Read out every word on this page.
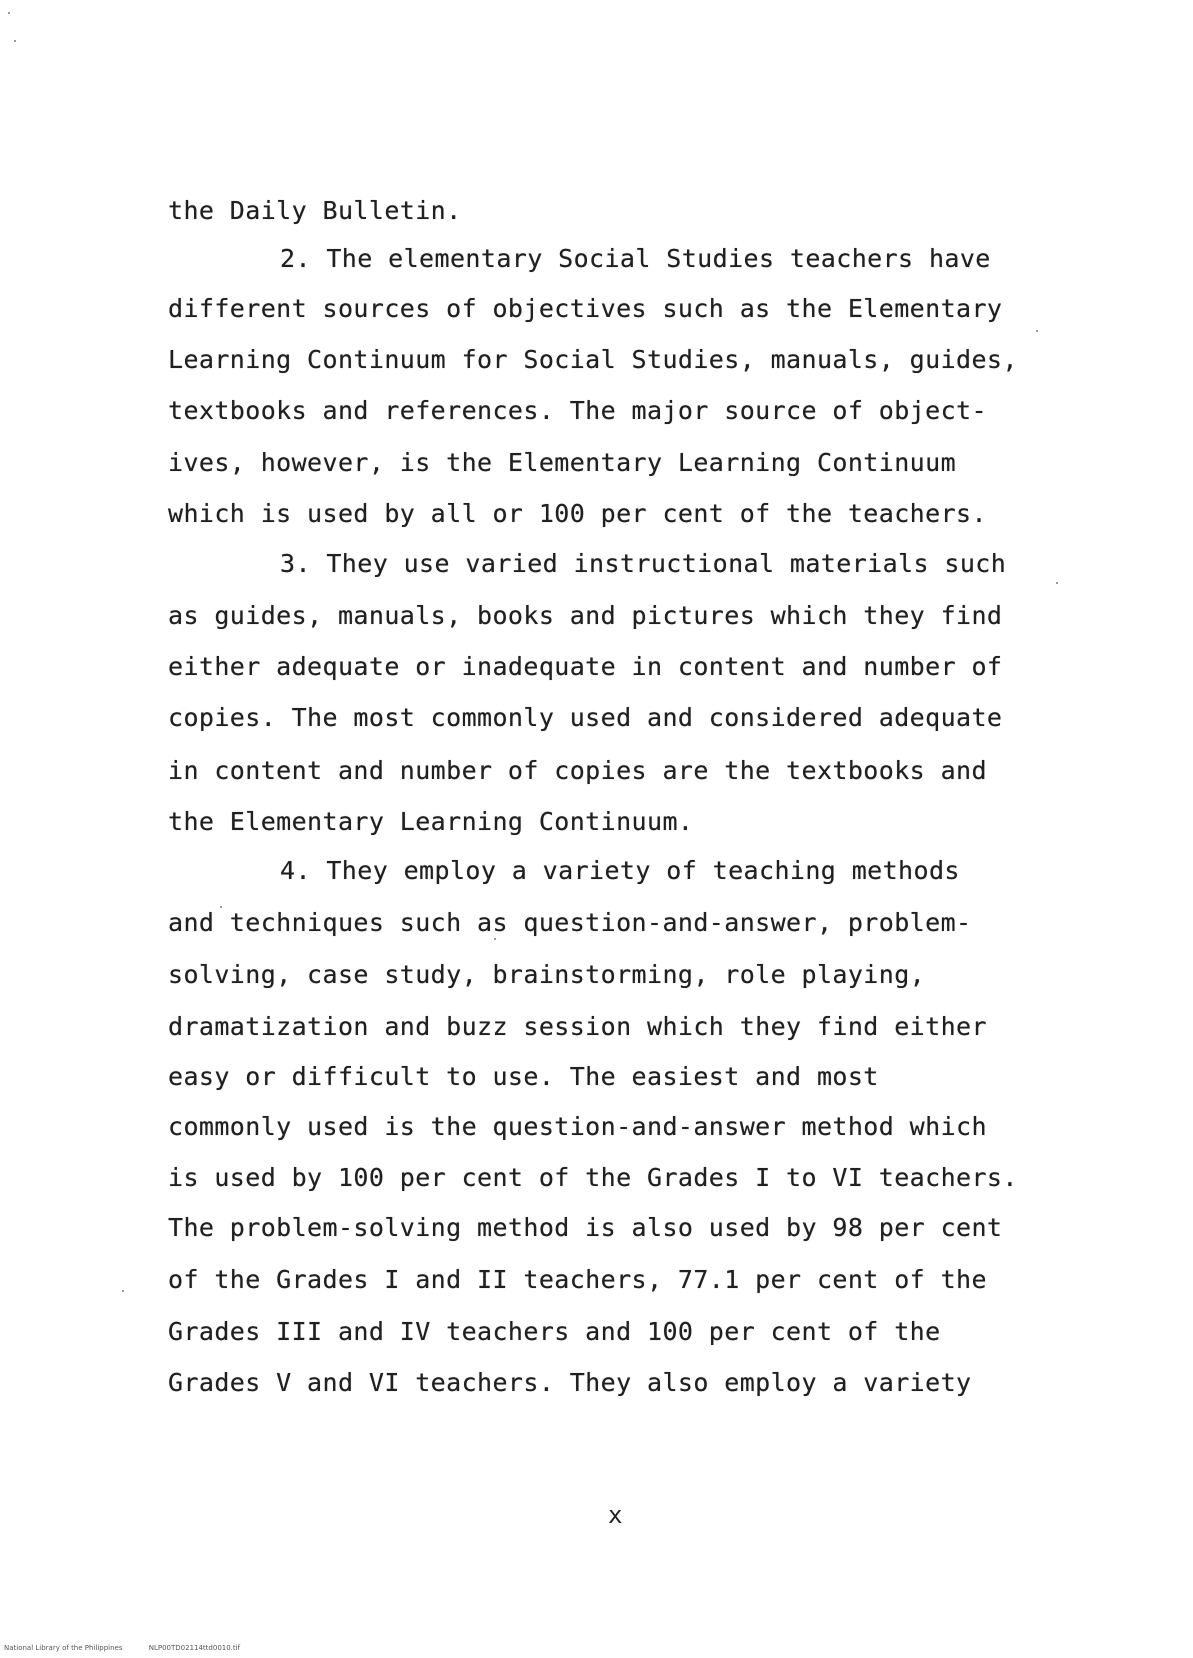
the Daily Bulletin.
2. The elementary Social Studies teachers have
different sources of objectives such as the Elementary
Learning Continuum for Social Studies, manuals, guides,
textbooks and references. The major source of object-
ives, however, is the Elementary Learning Continuum
which is used by all or 100 per cent of the teachers.
3. They use varied instructional materials such
as guides, manuals, books and pictures which they find
either adequate or inadequate in content and number of
copies. The most commonly used and considered adequate
in content and number of copies are the textbooks and
the Elementary Learning Continuum.
4. They employ a variety of teaching methods
and techniques such as question-and-answer, problem-
solving, case study, brainstorming, role playing,
dramatization and buzz session which they find either
easy or difficult to use. The easiest and most
commonly used is the question-and-answer method which
is used by 100 per cent of the Grades I to VI teachers.
The problem-solving method is also used by 98 per cent
of the Grades I and II teachers, 77.1 per cent of the
Grades III and IV teachers and 100 per cent of the
Grades V and VI teachers. They also employ a variety
x
National Library of the Philippines	NLP00TD02114ttd0010.tif
